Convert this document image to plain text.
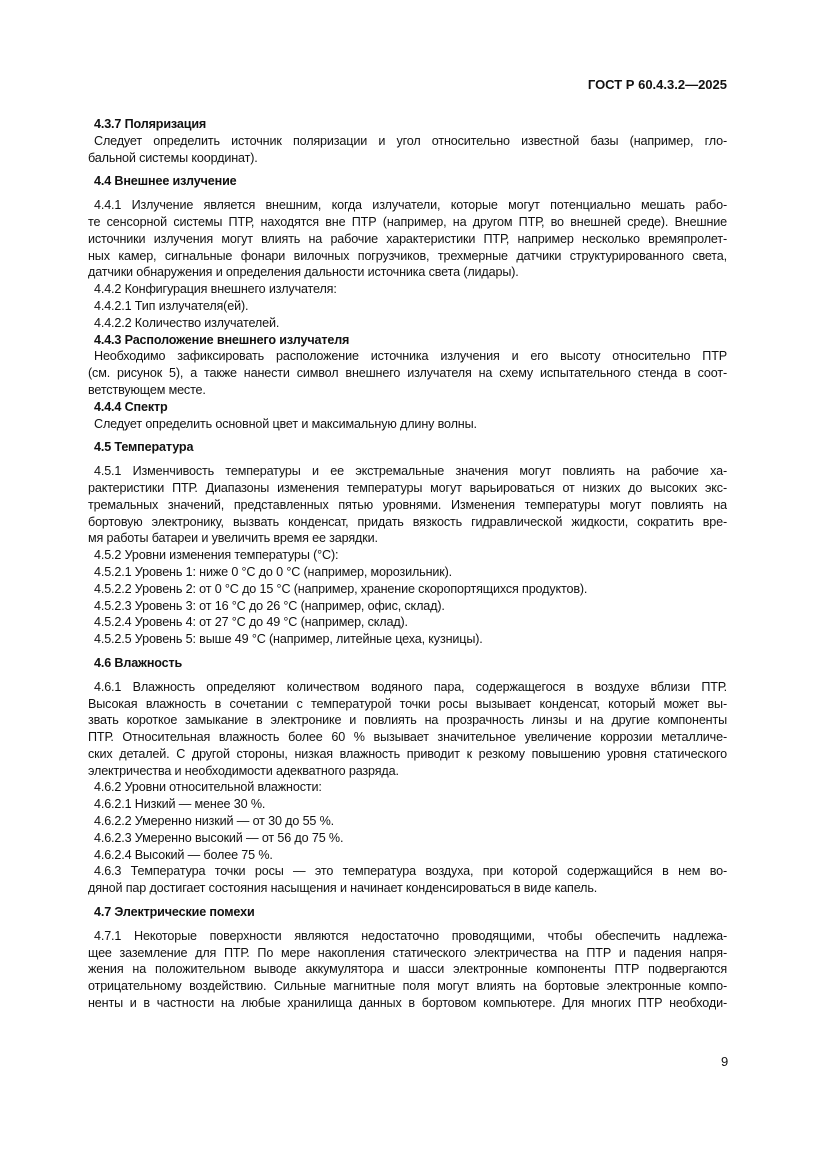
ГОСТ Р 60.4.3.2—2025
4.3.7 Поляризация
Следует определить источник поляризации и угол относительно известной базы (например, гло-
бальной системы координат).
4.4 Внешнее излучение
4.4.1 Излучение является внешним, когда излучатели, которые могут потенциально мешать рабо-
те сенсорной системы ПТР, находятся вне ПТР (например, на другом ПТР, во внешней среде). Внешние
источники излучения могут влиять на рабочие характеристики ПТР, например несколько времяпролет-
ных камер, сигнальные фонари вилочных погрузчиков, трехмерные датчики структурированного света,
датчики обнаружения и определения дальности источника света (лидары).
4.4.2 Конфигурация внешнего излучателя:
4.4.2.1 Тип излучателя(ей).
4.4.2.2 Количество излучателей.
4.4.3 Расположение внешнего излучателя
Необходимо зафиксировать расположение источника излучения и его высоту относительно ПТР
(см. рисунок 5), а также нанести символ внешнего излучателя на схему испытательного стенда в соот-
ветствующем месте.
4.4.4 Спектр
Следует определить основной цвет и максимальную длину волны.
4.5 Температура
4.5.1 Изменчивость температуры и ее экстремальные значения могут повлиять на рабочие ха-
рактеристики ПТР. Диапазоны изменения температуры могут варьироваться от низких до высоких экс-
тремальных значений, представленных пятью уровнями. Изменения температуры могут повлиять на
бортовую электронику, вызвать конденсат, придать вязкость гидравлической жидкости, сократить вре-
мя работы батареи и увеличить время ее зарядки.
4.5.2 Уровни изменения температуры (°C):
4.5.2.1 Уровень 1: ниже 0 °C до 0 °C (например, морозильник).
4.5.2.2 Уровень 2: от 0 °C до 15 °C (например, хранение скоропортящихся продуктов).
4.5.2.3 Уровень 3: от 16 °C до 26 °C (например, офис, склад).
4.5.2.4 Уровень 4: от 27 °C до 49 °C (например, склад).
4.5.2.5 Уровень 5: выше 49 °C (например, литейные цеха, кузницы).
4.6 Влажность
4.6.1 Влажность определяют количеством водяного пара, содержащегося в воздухе вблизи ПТР.
Высокая влажность в сочетании с температурой точки росы вызывает конденсат, который может вы-
звать короткое замыкание в электронике и повлиять на прозрачность линзы и на другие компоненты
ПТР. Относительная влажность более 60 % вызывает значительное увеличение коррозии металличе-
ских деталей. С другой стороны, низкая влажность приводит к резкому повышению уровня статического
электричества и необходимости адекватного разряда.
4.6.2 Уровни относительной влажности:
4.6.2.1 Низкий — менее 30 %.
4.6.2.2 Умеренно низкий — от 30 до 55 %.
4.6.2.3 Умеренно высокий — от 56 до 75 %.
4.6.2.4 Высокий — более 75 %.
4.6.3 Температура точки росы — это температура воздуха, при которой содержащийся в нем во-
дяной пар достигает состояния насыщения и начинает конденсироваться в виде капель.
4.7 Электрические помехи
4.7.1 Некоторые поверхности являются недостаточно проводящими, чтобы обеспечить надлежа-
щее заземление для ПТР. По мере накопления статического электричества на ПТР и падения напря-
жения на положительном выводе аккумулятора и шасси электронные компоненты ПТР подвергаются
отрицательному воздействию. Сильные магнитные поля могут влиять на бортовые электронные компо-
ненты и в частности на любые хранилища данных в бортовом компьютере. Для многих ПТР необходи-
9
